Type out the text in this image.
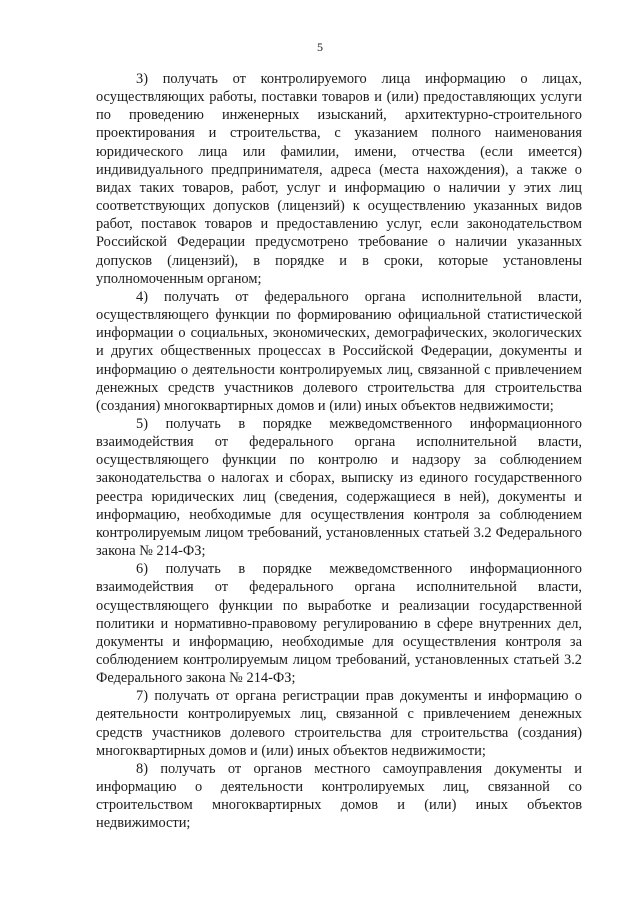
5

3) получать от контролируемого лица информацию о лицах, осуществляющих работы, поставки товаров и (или) предоставляющих услуги по проведению инженерных изысканий, архитектурно-строительного проектирования и строительства, с указанием полного наименования юридического лица или фамилии, имени, отчества (если имеется) индивидуального предпринимателя, адреса (места нахождения), а также о видах таких товаров, работ, услуг и информацию о наличии у этих лиц соответствующих допусков (лицензий) к осуществлению указанных видов работ, поставок товаров и предоставлению услуг, если законодательством Российской Федерации предусмотрено требование о наличии указанных допусков (лицензий), в порядке и в сроки, которые установлены уполномоченным органом;

4) получать от федерального органа исполнительной власти, осуществляющего функции по формированию официальной статистической информации о социальных, экономических, демографических, экологических и других общественных процессах в Российской Федерации, документы и информацию о деятельности контролируемых лиц, связанной с привлечением денежных средств участников долевого строительства для строительства (создания) многоквартирных домов и (или) иных объектов недвижимости;

5) получать в порядке межведомственного информационного взаимодействия от федерального органа исполнительной власти, осуществляющего функции по контролю и надзору за соблюдением законодательства о налогах и сборах, выписку из единого государственного реестра юридических лиц (сведения, содержащиеся в ней), документы и информацию, необходимые для осуществления контроля за соблюдением контролируемым лицом требований, установленных статьей 3.2 Федерального закона № 214-ФЗ;

6) получать в порядке межведомственного информационного взаимодействия от федерального органа исполнительной власти, осуществляющего функции по выработке и реализации государственной политики и нормативно-правовому регулированию в сфере внутренних дел, документы и информацию, необходимые для осуществления контроля за соблюдением контролируемым лицом требований, установленных статьей 3.2 Федерального закона № 214-ФЗ;

7) получать от органа регистрации прав документы и информацию о деятельности контролируемых лиц, связанной с привлечением денежных средств участников долевого строительства для строительства (создания) многоквартирных домов и (или) иных объектов недвижимости;

8) получать от органов местного самоуправления документы и информацию о деятельности контролируемых лиц, связанной со строительством многоквартирных домов и (или) иных объектов недвижимости;
